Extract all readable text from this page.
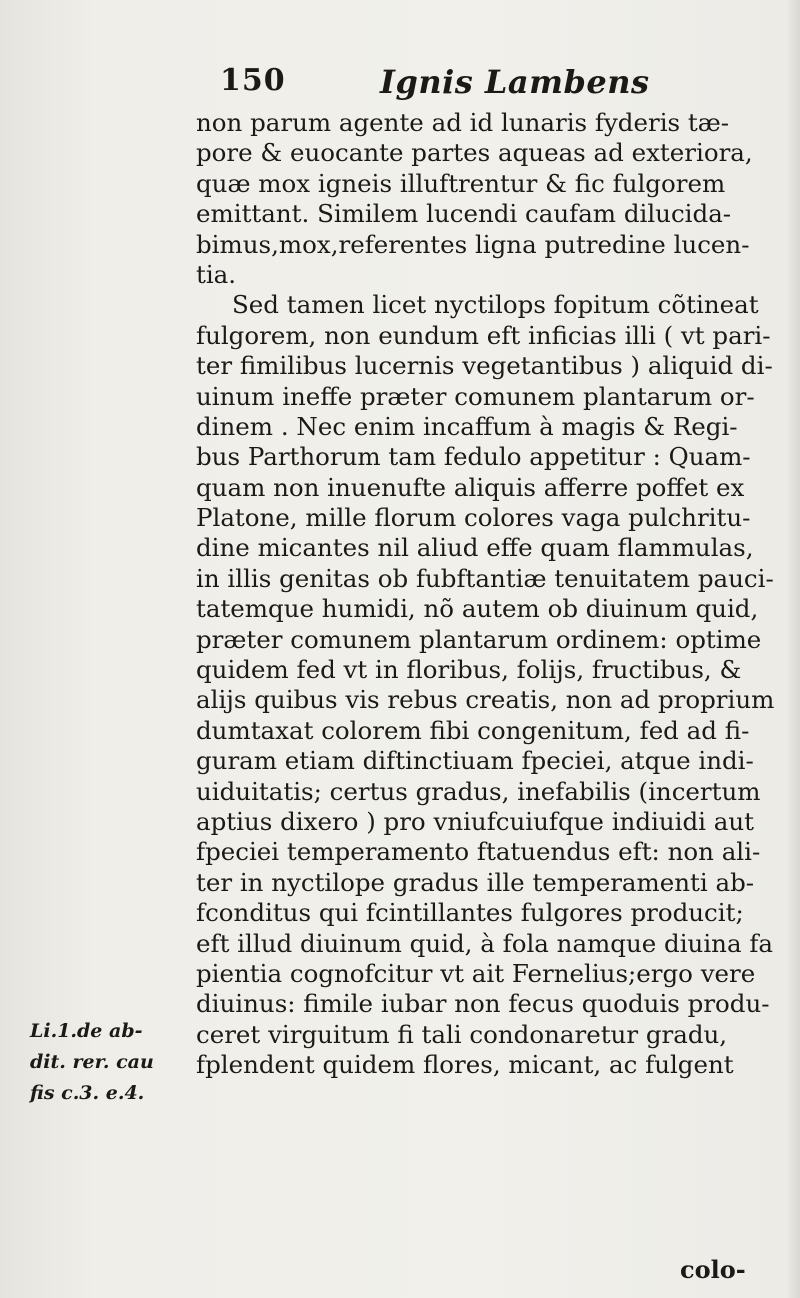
150	Ignis Lambens
non parum agente ad id lunaris fyderis tæ-
pore & euocante partes aqueas ad exteriora,
quæ mox igneis illuftrentur & fic fulgorem
emittant. Similem lucendi caufam dilucida-
bimus,mox,referentes ligna putredine lucen-
tia.
Sed tamen licet nyctilops fopitum cõtineat
fulgorem, non eundum eft inficias illi ( vt pari-
ter fimilibus lucernis vegetantibus ) aliquid di-
uinum ineffe præter comunem plantarum or-
dinem . Nec enim incaffum à magis & Regi-
bus Parthorum tam fedulo appetitur : Quam-
quam non inuenufte aliquis afferre poffet ex
Platone, mille florum colores vaga pulchritu-
dine micantes nil aliud effe quam flammulas,
in illis genitas ob fubftantiæ tenuitatem pauci-
tatemque humidi, nõ autem ob diuinum quid,
præter comunem plantarum ordinem: optime
quidem fed vt in floribus, folijs, fructibus, &
alijs quibus vis rebus creatis, non ad proprium
dumtaxat colorem fibi congenitum, fed ad fi-
guram etiam diftinctiuam fpeciei, atque indi-
uiduitatis; certus gradus, inefabilis (incertum
aptius dixero ) pro vniufcuiufque indiuidi aut
fpeciei temperamento ftatuendus eft: non ali-
ter in nyctilope gradus ille temperamenti ab-
fconditus qui fcintillantes fulgores producit;
eft illud diuinum quid, à fola namque diuina fa
pientia cognofcitur vt ait Fernelius;ergo vere
diuinus: fimile iubar non fecus quoduis produ-
ceret virguitum fi tali condonaretur gradu,
fplendent quidem flores, micant, ac fulgent
Li.1.de ab-
dit. rer. cau
fis c.3. e.4.
colo-
